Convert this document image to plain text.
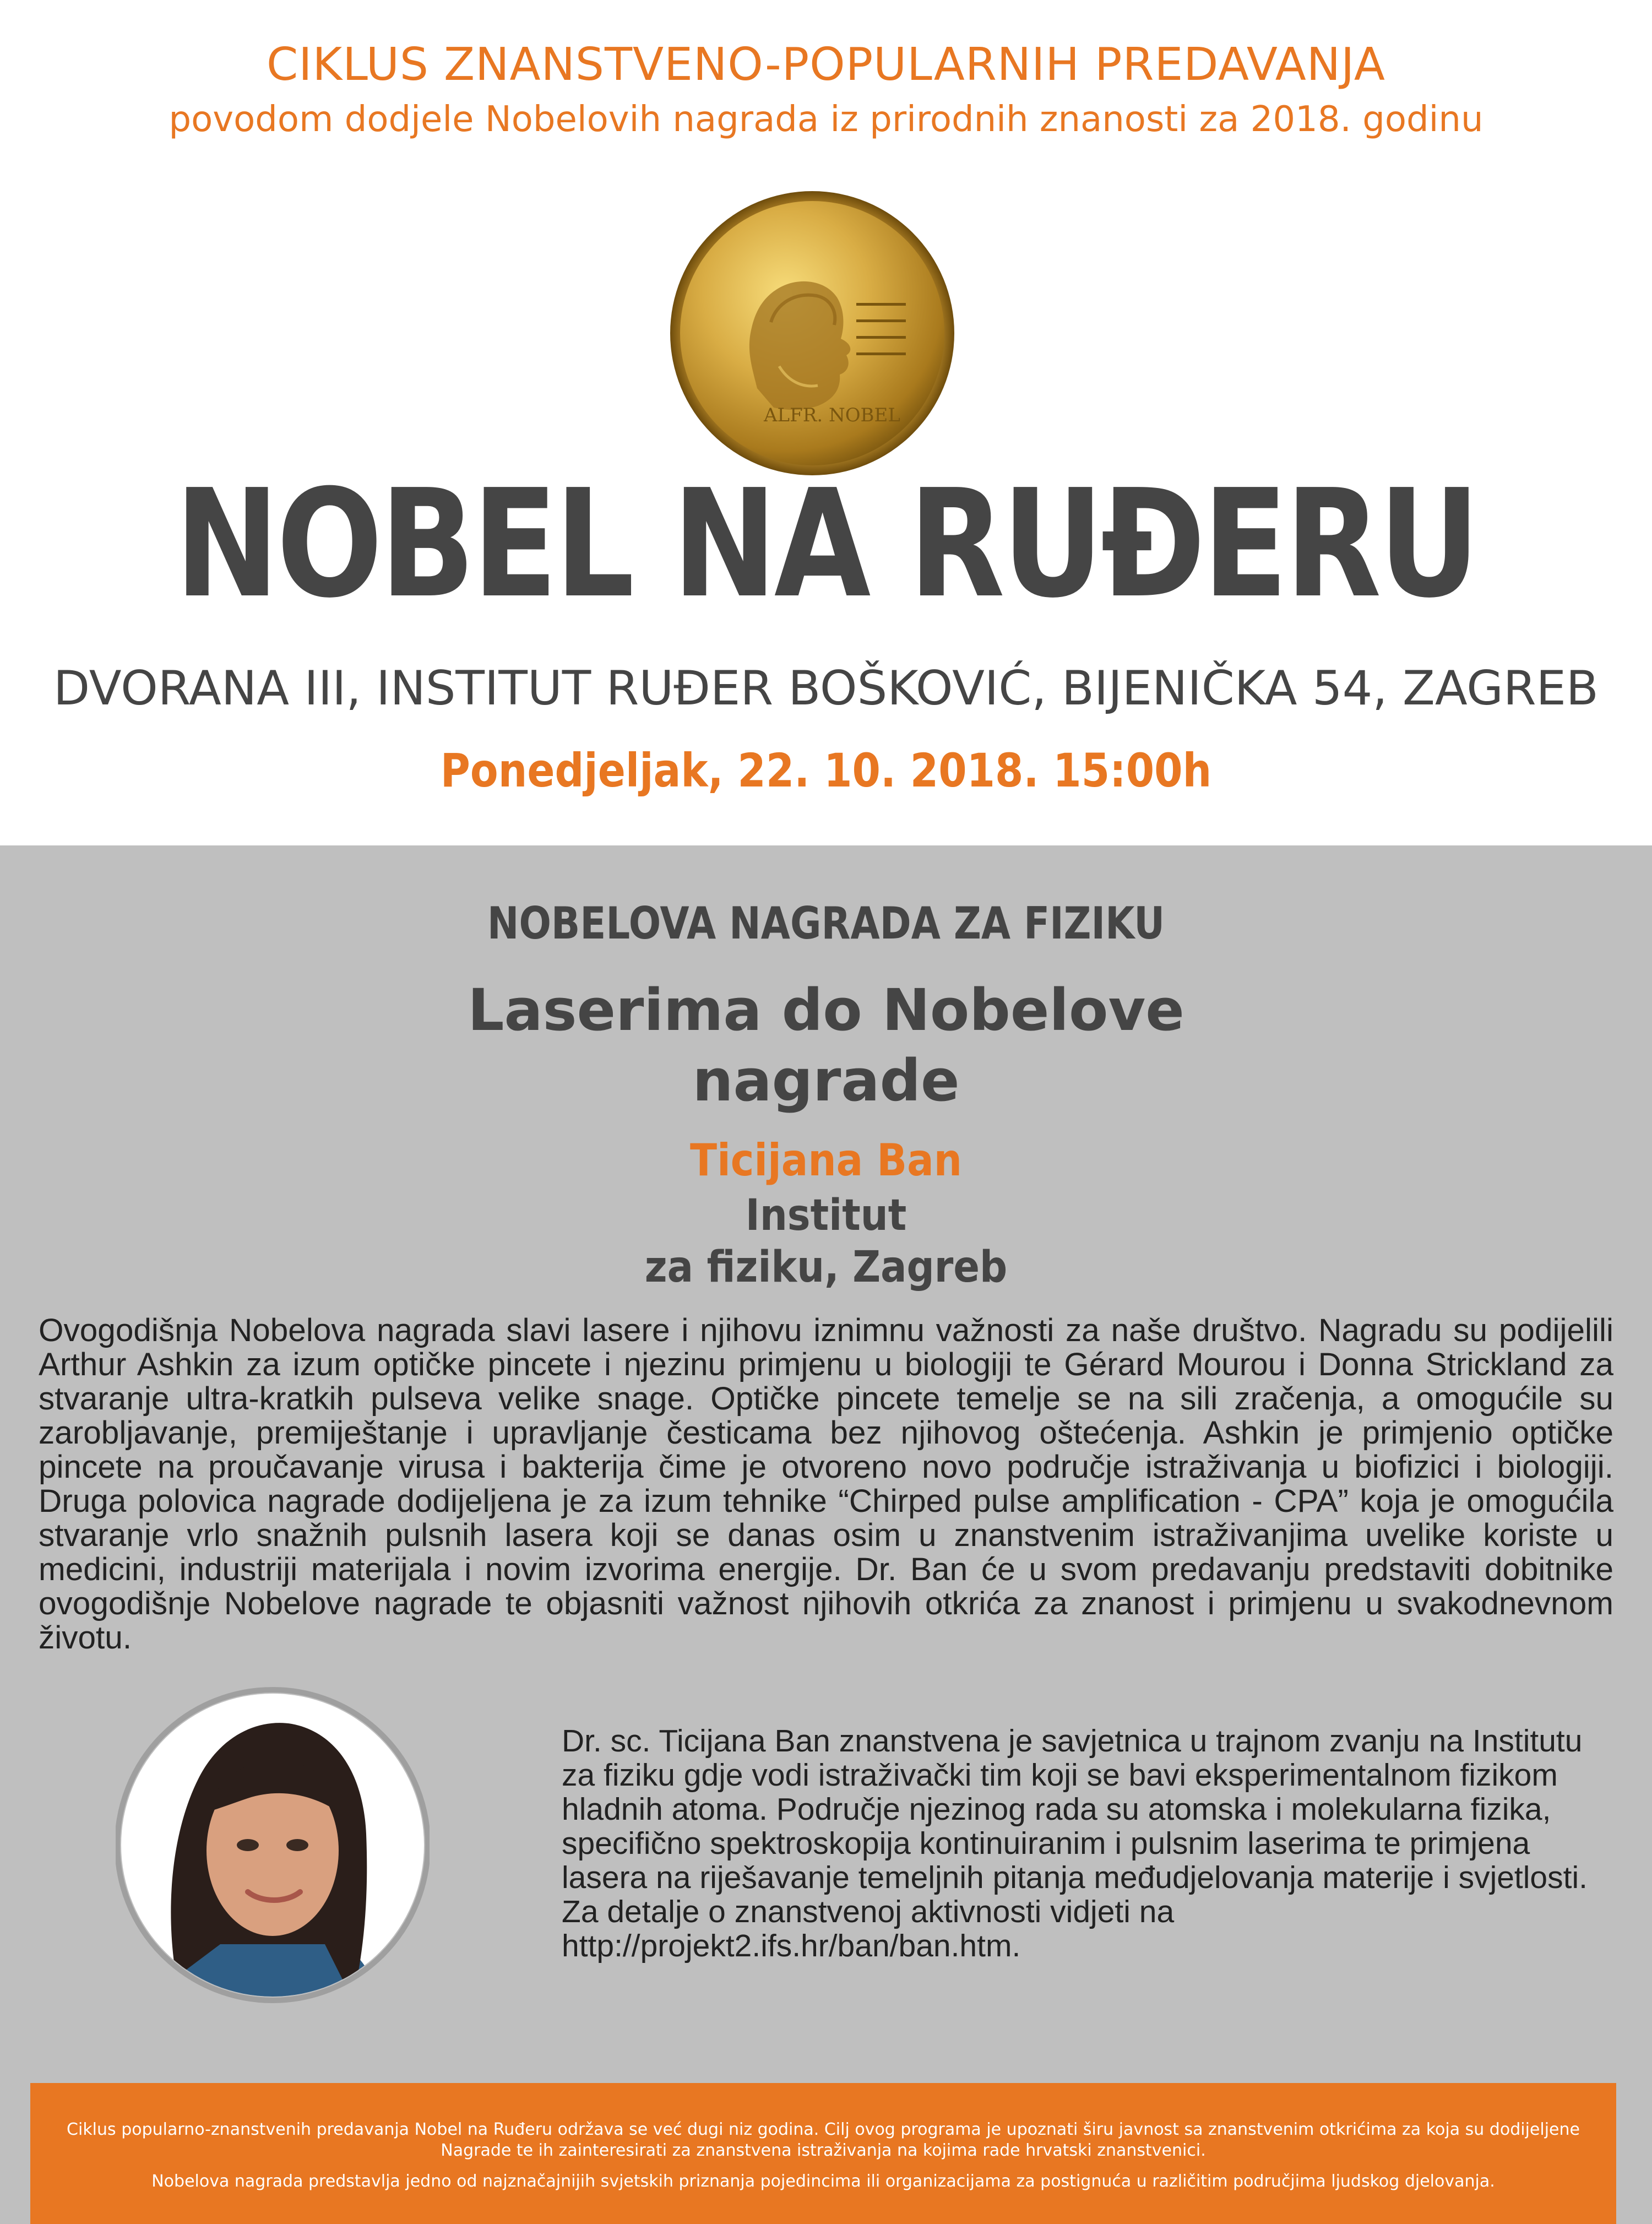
CIKLUS ZNANSTVENO-POPULARNIH PREDAVANJA
povodom dodjele Nobelovih nagrada iz prirodnih znanosti za 2018. godinu
ALFR. NOBEL
NOBEL NA RUĐERU
DVORANA III, INSTITUT RUĐER BOŠKOVIĆ, BIJENIČKA 54, ZAGREB
Ponedjeljak, 22. 10. 2018. 15:00h
NOBELOVA NAGRADA ZA FIZIKU
Laserima do Nobelove
nagrade
Ticijana Ban
Institut
za fiziku, Zagreb

Ovogodišnja Nobelova nagrada slavi lasere i njihovu iznimnu važnosti za naše društvo. Nagradu su podijelili Arthur Ashkin za izum optičke pincete i njezinu primjenu u biologiji te Gérard Mourou i Donna Strickland za stvaranje ultra-kratkih pulseva velike snage. Optičke pincete temelje se na sili zračenja, a omogućile su zarobljavanje, premiještanje i upravljanje česticama bez njihovog oštećenja. Ashkin je primjenio optičke pincete na proučavanje virusa i bakterija čime je otvoreno novo područje istraživanja u biofizici i biologiji. Druga polovica nagrade dodijeljena je za izum tehnike “Chirped pulse amplification - CPA” koja je omogućila stvaranje vrlo snažnih pulsnih lasera koji se danas osim u znanstvenim istraživanjima uvelike koriste u medicini, industriji materijala i novim izvorima energije. Dr. Ban će u svom predavanju predstaviti dobitnike ovogodišnje Nobelove nagrade te objasniti važnost njihovih otkrića za znanost i primjenu u svakodnevnom životu.

Dr. sc. Ticijana Ban znanstvena je savjetnica u trajnom zvanju na Institutu za fiziku gdje vodi istraživački tim koji se bavi eksperimentalnom fizikom hladnih atoma. Područje njezinog rada su atomska i molekularna fizika, specifično spektroskopija kontinuiranim i pulsnim laserima te primjena lasera na riješavanje temeljnih pitanja međudjelovanja materije i svjetlosti. Za detalje o znanstvenoj aktivnosti vidjeti na http://projekt2.ifs.hr/ban/ban.htm.

Ciklus popularno-znanstvenih predavanja Nobel na Ruđeru održava se već dugi niz godina. Cilj ovog programa je upoznati širu javnost sa znanstvenim otkrićima za koja su dodijeljene Nagrade te ih zainteresirati za znanstvena istraživanja na kojima rade hrvatski znanstvenici.

Nobelova nagrada predstavlja jedno od najznačajnijih svjetskih priznanja pojedincima ili organizacijama za postignuća u različitim područjima ljudskog djelovanja.
